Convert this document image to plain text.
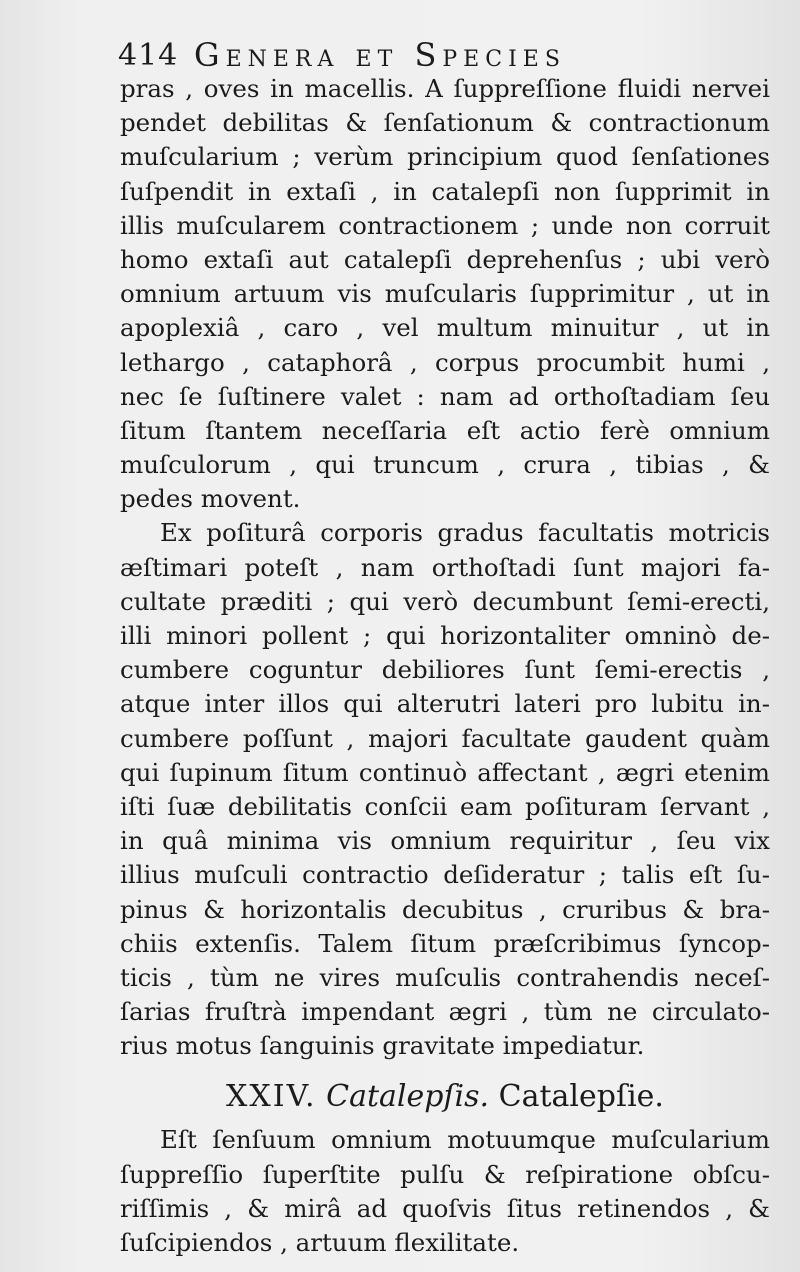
414 Genera et Species
pras , oves in macellis. A ſuppreſſione fluidi nervei
pendet debilitas & ſenſationum & contractionum
muſcularium ; verùm principium quod ſenſationes
ſuſpendit in extaſi , in catalepſi non ſupprimit in
illis muſcularem contractionem ; unde non corruit
homo extaſi aut catalepſi deprehenſus ; ubi verò
omnium artuum vis muſcularis ſupprimitur , ut in
apoplexiâ , caro , vel multum minuitur , ut in
lethargo , cataphorâ , corpus procumbit humi ,
nec ſe ſuſtinere valet : nam ad orthoſtadiam ſeu
ſitum ſtantem neceſſaria eſt actio ferè omnium
muſculorum , qui truncum , crura , tibias , &
pedes movent.
Ex poſiturâ corporis gradus facultatis motricis
æſtimari poteſt , nam orthoſtadi ſunt majori fa-
cultate præditi ; qui verò decumbunt ſemi-erecti,
illi minori pollent ; qui horizontaliter omninò de-
cumbere coguntur debiliores ſunt ſemi-erectis ,
atque inter illos qui alterutri lateri pro lubitu in-
cumbere poſſunt , majori facultate gaudent quàm
qui ſupinum ſitum continuò affectant , ægri etenim
iſti ſuæ debilitatis conſcii eam poſituram ſervant ,
in quâ minima vis omnium requiritur , ſeu vix
illius muſculi contractio deſideratur ; talis eſt ſu-
pinus & horizontalis decubitus , cruribus & bra-
chiis extenſis. Talem ſitum præſcribimus ſyncop-
ticis , tùm ne vires muſculis contrahendis neceſ-
ſarias fruſtrà impendant ægri , tùm ne circulato-
rius motus ſanguinis gravitate impediatur.
XXIV. Catalepſis. Catalepſie.
Eſt ſenſuum omnium motuumque muſcularium
ſuppreſſio ſuperſtite pulſu & reſpiratione obſcu-
riſſimis , & mirâ ad quoſvis ſitus retinendos , &
ſuſcipiendos , artuum flexilitate.
